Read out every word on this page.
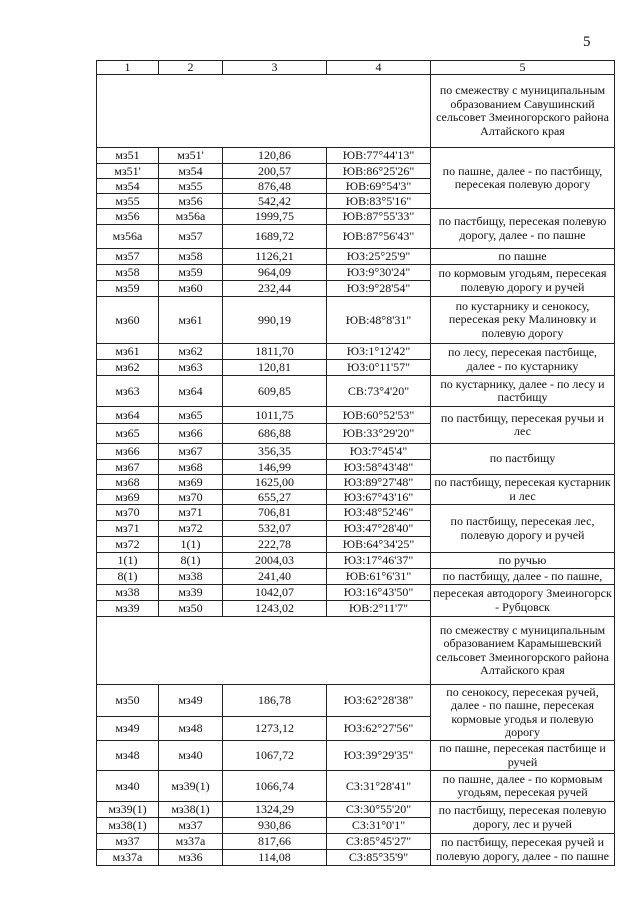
5
1	2	3	4	5
				по смежеству с муниципальным образованием Савушинский сельсовет Змеиногорского района Алтайского края
мз51	мз51'	120,86	ЮВ:77°44'13"	по пашне, далее - по пастбищу, пересекая полевую дорогу
мз51'	мз54	200,57	ЮВ:86°25'26"	
мз54	мз55	876,48	ЮВ:69°54'3"	
мз55	мз56	542,42	ЮВ:83°5'16"	
мз56	мз56а	1999,75	ЮВ:87°55'33"	по пастбищу, пересекая полевую дорогу, далее - по пашне
мз56а	мз57	1689,72	ЮВ:87°56'43"	
мз57	мз58	1126,21	ЮЗ:25°25'9"	по пашне
мз58	мз59	964,09	ЮЗ:9°30'24"	по кормовым угодьям, пересекая полевую дорогу и ручей
мз59	мз60	232,44	ЮЗ:9°28'54"	
мз60	мз61	990,19	ЮВ:48°8'31"	по кустарнику и сенокосу, пересекая реку Малиновку и полевую дорогу
мз61	мз62	1811,70	ЮЗ:1°12'42"	по лесу, пересекая пастбище, далее - по кустарнику
мз62	мз63	120,81	ЮЗ:0°11'57"	
мз63	мз64	609,85	СВ:73°4'20"	по кустарнику, далее - по лесу и пастбищу
мз64	мз65	1011,75	ЮВ:60°52'53"	по пастбищу, пересекая ручьи и лес
мз65	мз66	686,88	ЮВ:33°29'20"	
мз66	мз67	356,35	ЮЗ:7°45'4"	по пастбищу
мз67	мз68	146,99	ЮЗ:58°43'48"	
мз68	мз69	1625,00	ЮЗ:89°27'48"	по пастбищу, пересекая кустарник и лес
мз69	мз70	655,27	ЮЗ:67°43'16"	
мз70	мз71	706,81	ЮЗ:48°52'46"	по пастбищу, пересекая лес, полевую дорогу и ручей
мз71	мз72	532,07	ЮЗ:47°28'40"	
мз72	1(1)	222,78	ЮВ:64°34'25"	
1(1)	8(1)	2004,03	ЮЗ:17°46'37"	по ручью
8(1)	мз38	241,40	ЮВ:61°6'31"	по пастбищу, далее - по пашне,
мз38	мз39	1042,07	ЮЗ:16°43'50"	пересекая автодорогу Змеиногорск - Рубцовск
мз39	мз50	1243,02	ЮВ:2°11'7"	
				по смежеству с муниципальным образованием Карамышевский сельсовет Змеиногорского района Алтайского края
мз50	мз49	186,78	ЮЗ:62°28'38"	по сенокосу, пересекая ручей, далее - по пашне, пересекая кормовые угодья и полевую дорогу
мз49	мз48	1273,12	ЮЗ:62°27'56"	
мз48	мз40	1067,72	ЮЗ:39°29'35"	по пашне, пересекая пастбище и ручей
мз40	мз39(1)	1066,74	СЗ:31°28'41"	по пашне, далее - по кормовым угодьям, пересекая ручей
мз39(1)	мз38(1)	1324,29	СЗ:30°55'20"	по пастбищу, пересекая полевую дорогу, лес и ручей
мз38(1)	мз37	930,86	СЗ:31°0'1"	
мз37	мз37а	817,66	СЗ:85°45'27"	по пастбищу, пересекая ручей и полевую дорогу, далее - по пашне
мз37а	мз36	114,08	СЗ:85°35'9"	
